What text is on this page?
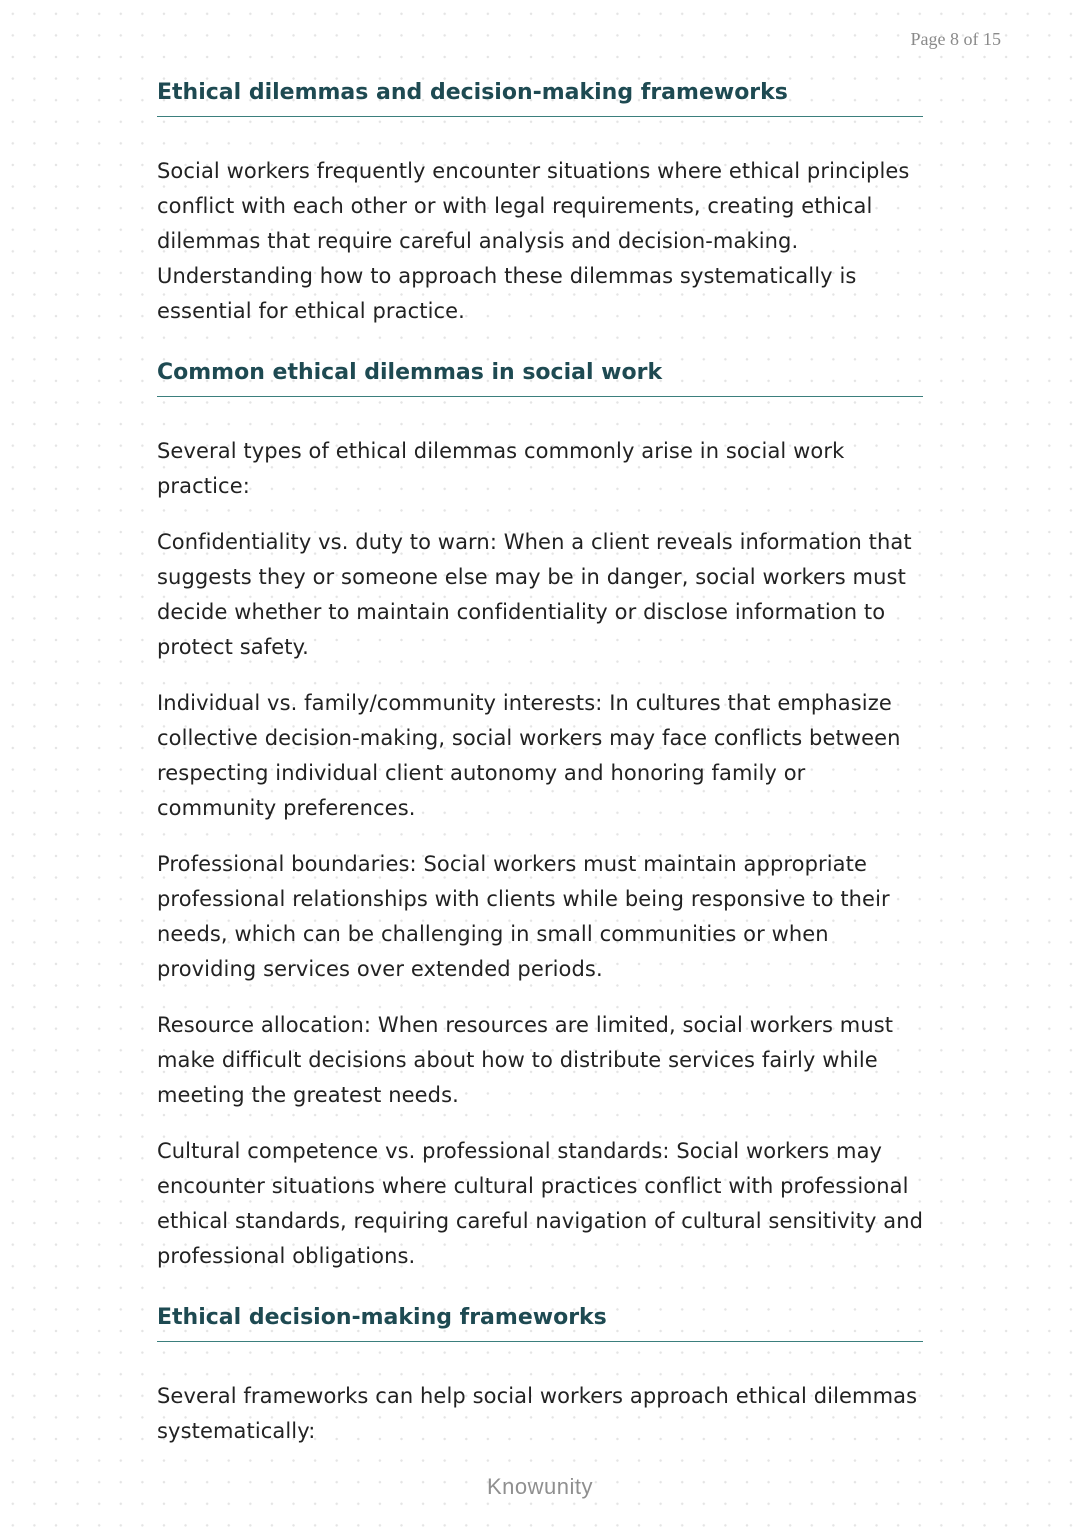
Page 8 of 15
Ethical dilemmas and decision-making frameworks

Social workers frequently encounter situations where ethical principles conflict with each other or with legal requirements, creating ethical dilemmas that require careful analysis and decision-making. Understanding how to approach these dilemmas systematically is essential for ethical practice.

Common ethical dilemmas in social work

Several types of ethical dilemmas commonly arise in social work practice:

Confidentiality vs. duty to warn: When a client reveals information that suggests they or someone else may be in danger, social workers must decide whether to maintain confidentiality or disclose information to protect safety.

Individual vs. family/community interests: In cultures that emphasize collective decision-making, social workers may face conflicts between respecting individual client autonomy and honoring family or community preferences.

Professional boundaries: Social workers must maintain appropriate professional relationships with clients while being responsive to their needs, which can be challenging in small communities or when providing services over extended periods.

Resource allocation: When resources are limited, social workers must make difficult decisions about how to distribute services fairly while meeting the greatest needs.

Cultural competence vs. professional standards: Social workers may encounter situations where cultural practices conflict with professional ethical standards, requiring careful navigation of cultural sensitivity and professional obligations.

Ethical decision-making frameworks

Several frameworks can help social workers approach ethical dilemmas systematically:

Knowunity
